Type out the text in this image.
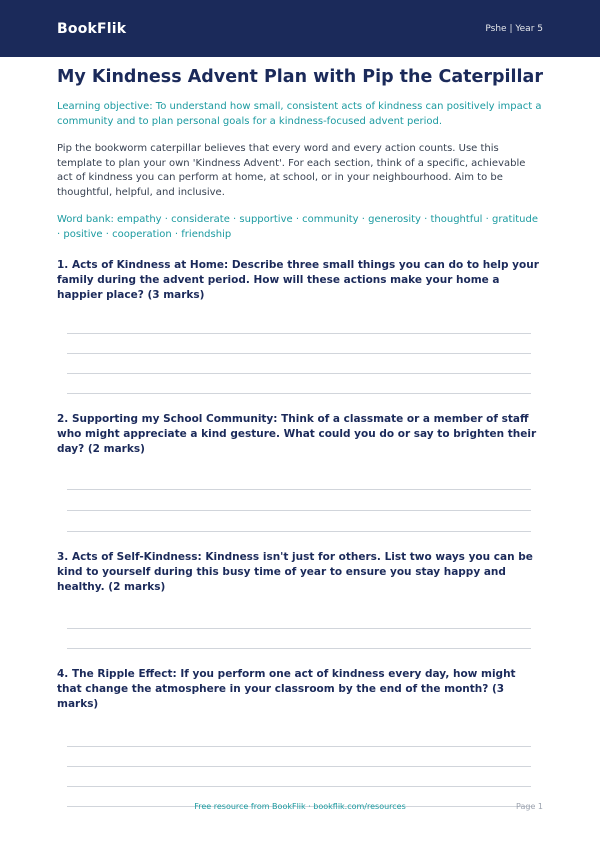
BookFlik	Pshe | Year 5
My Kindness Advent Plan with Pip the Caterpillar
Learning objective: To understand how small, consistent acts of kindness can positively impact a community and to plan personal goals for a kindness-focused advent period.
Pip the bookworm caterpillar believes that every word and every action counts. Use this template to plan your own 'Kindness Advent'. For each section, think of a specific, achievable act of kindness you can perform at home, at school, or in your neighbourhood. Aim to be thoughtful, helpful, and inclusive.
Word bank: empathy · considerate · supportive · community · generosity · thoughtful · gratitude · positive · cooperation · friendship
1. Acts of Kindness at Home: Describe three small things you can do to help your family during the advent period. How will these actions make your home a happier place? (3 marks)
2. Supporting my School Community: Think of a classmate or a member of staff who might appreciate a kind gesture. What could you do or say to brighten their day? (2 marks)
3. Acts of Self-Kindness: Kindness isn't just for others. List two ways you can be kind to yourself during this busy time of year to ensure you stay happy and healthy. (2 marks)
4. The Ripple Effect: If you perform one act of kindness every day, how might that change the atmosphere in your classroom by the end of the month? (3 marks)
Free resource from BookFlik · bookflik.com/resources	Page 1
